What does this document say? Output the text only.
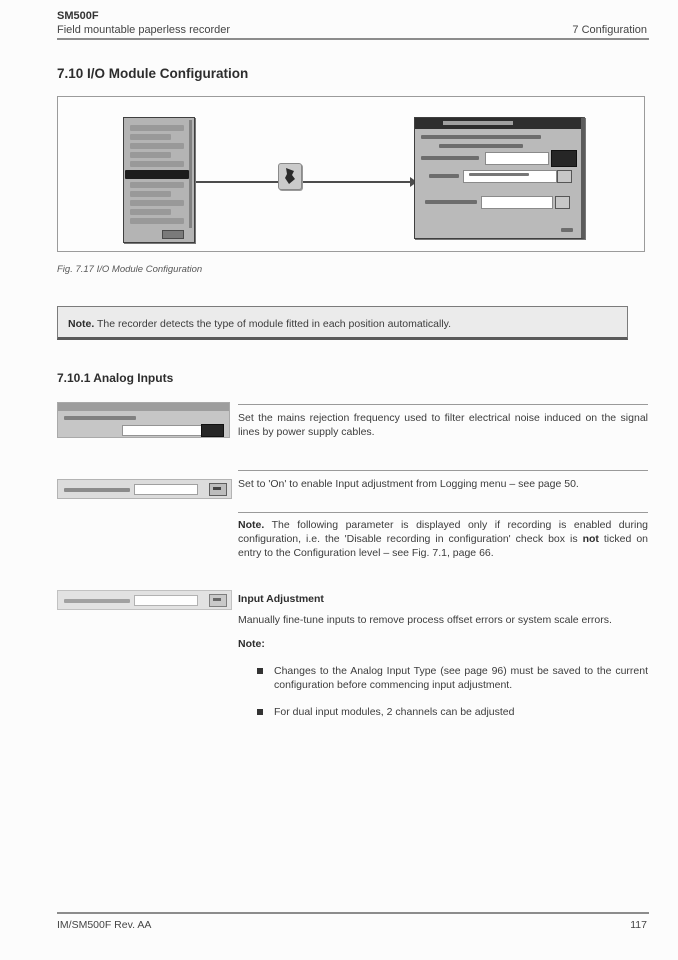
SM500F
Field mountable paperless recorder	7 Configuration
7.10 I/O Module Configuration
Fig. 7.17 I/O Module Configuration
Note. The recorder detects the type of module fitted in each position automatically.
7.10.1 Analog Inputs
Set the mains rejection frequency used to filter electrical noise induced on the signal lines by power supply cables.
Set to 'On' to enable Input adjustment from Logging menu – see page 50.
Note. The following parameter is displayed only if recording is enabled during configuration, i.e. the 'Disable recording in configuration' check box is not ticked on entry to the Configuration level – see Fig. 7.1, page 66.
Input Adjustment
Manually fine-tune inputs to remove process offset errors or system scale errors.
Note:
Changes to the Analog Input Type (see page 96) must be saved to the current configuration before commencing input adjustment.
For dual input modules, 2 channels can be adjusted
IM/SM500F Rev. AA	117
